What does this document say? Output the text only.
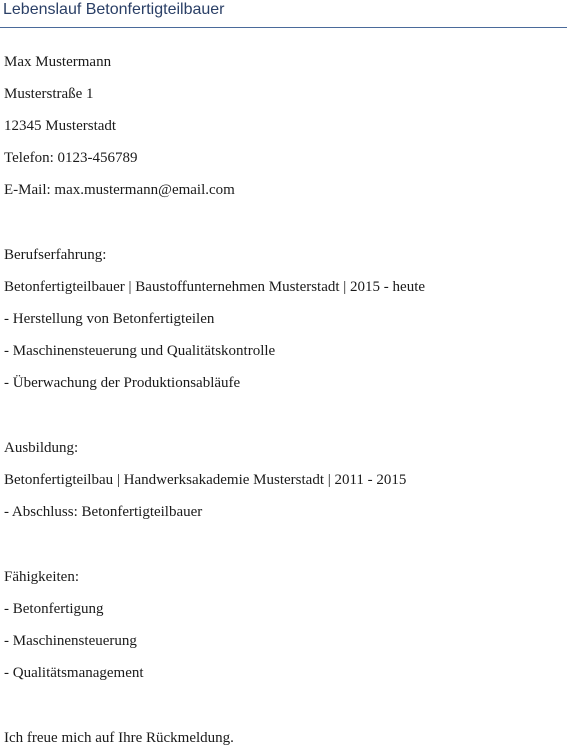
Lebenslauf Betonfertigteilbauer
Max Mustermann
Musterstraße 1
12345 Musterstadt
Telefon: 0123-456789
E-Mail: max.mustermann@email.com
Berufserfahrung:
Betonfertigteilbauer | Baustoffunternehmen Musterstadt | 2015 - heute
- Herstellung von Betonfertigteilen
- Maschinensteuerung und Qualitätskontrolle
- Überwachung der Produktionsabläufe
Ausbildung:
Betonfertigteilbau | Handwerksakademie Musterstadt | 2011 - 2015
- Abschluss: Betonfertigteilbauer
Fähigkeiten:
- Betonfertigung
- Maschinensteuerung
- Qualitätsmanagement
Ich freue mich auf Ihre Rückmeldung.
